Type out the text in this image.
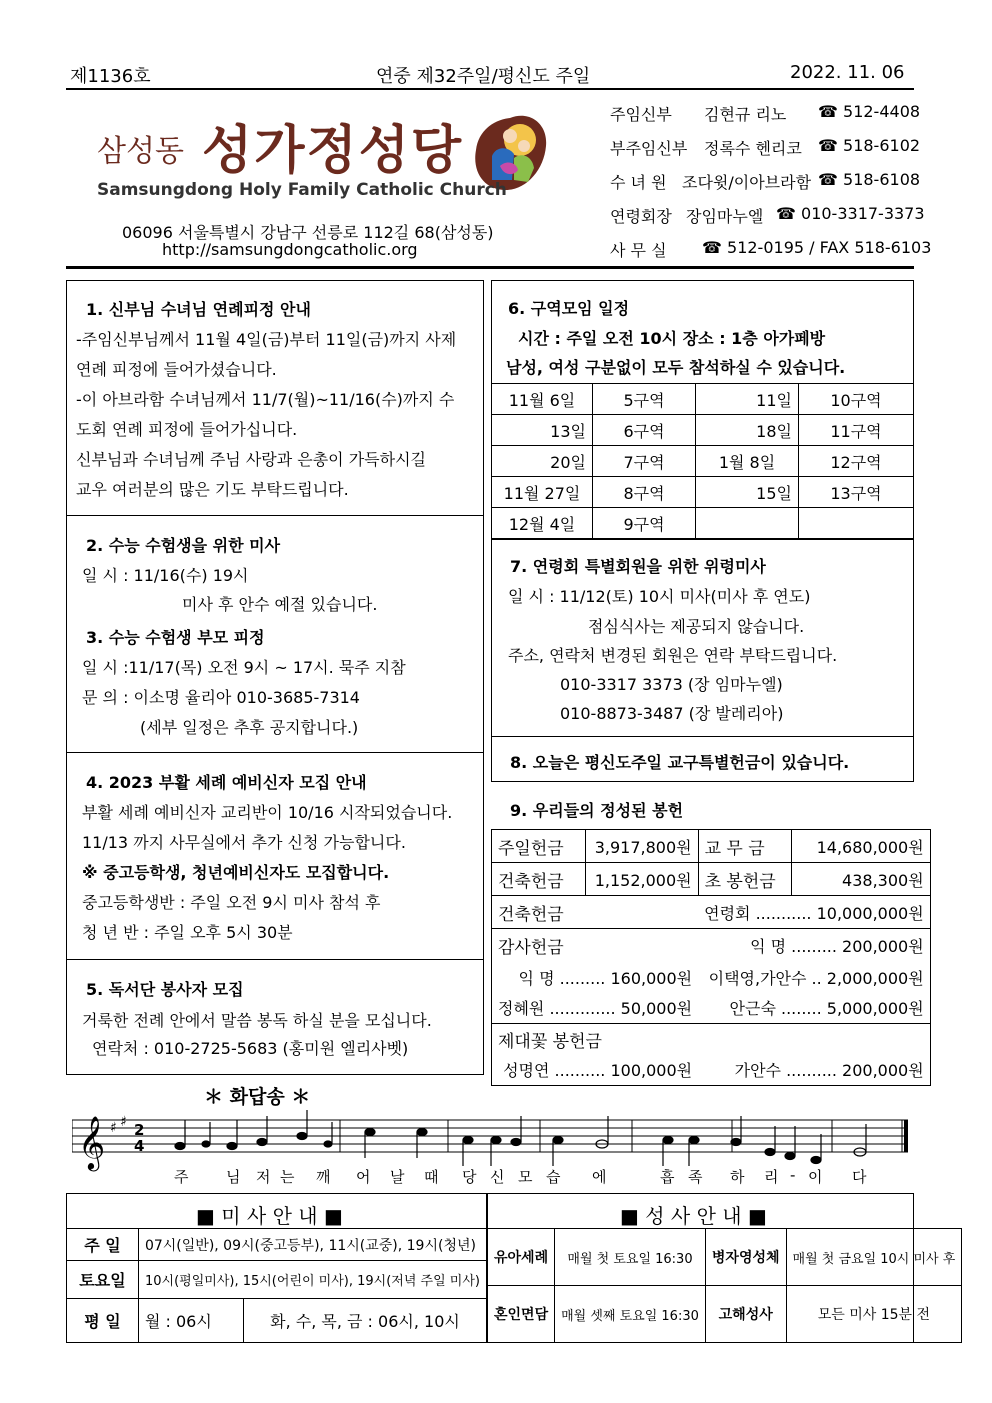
제1136호	연중 제32주일/평신도 주일	2022. 11. 06
삼성동 성가정성당
Samsungdong Holy Family Catholic Church
06096 서울특별시 강남구 선릉로 112길 68(삼성동)
http://samsungdongcatholic.org
주임신부 김현규 리노 ☎ 512-4408
부주임신부 정록수 헨리코 ☎ 518-6102
수 녀 원 조다윗/이아브라함 ☎ 518-6108
연령회장 장임마누엘 ☎ 010-3317-3373
사 무 실 ☎ 512-0195 / FAX 518-6103
1. 신부님 수녀님 연례피정 안내
-주임신부님께서 11월 4일(금)부터 11일(금)까지 사제
연례 피정에 들어가셨습니다.
-이 아브라함 수녀님께서 11/7(월)~11/16(수)까지 수
도회 연례 피정에 들어가십니다.
신부님과 수녀님께 주님 사랑과 은총이 가득하시길
교우 여러분의 많은 기도 부탁드립니다.
2. 수능 수험생을 위한 미사
일 시 : 11/16(수) 19시
미사 후 안수 예절 있습니다.
3. 수능 수험생 부모 피정
일 시 :11/17(목) 오전 9시 ~ 17시. 묵주 지참
문 의 : 이소명 율리아 010-3685-7314
(세부 일정은 추후 공지합니다.)
4. 2023 부활 세례 예비신자 모집 안내
부활 세례 예비신자 교리반이 10/16 시작되었습니다.
11/13 까지 사무실에서 추가 신청 가능합니다.
※ 중고등학생, 청년예비신자도 모집합니다.
중고등학생반 : 주일 오전 9시 미사 참석 후
청 년 반 : 주일 오후 5시 30분
5. 독서단 봉사자 모집
거룩한 전례 안에서 말씀 봉독 하실 분을 모십니다.
연락처 : 010-2725-5683 (홍미원 엘리사벳)
6. 구역모임 일정
시간 : 주일 오전 10시 장소 : 1층 아가페방
남성, 여성 구분없이 모두 참석하실 수 있습니다.
11월 6일	5구역	11일	10구역
13일	6구역	18일	11구역
20일	7구역	1월 8일	12구역
11월 27일	8구역	15일	13구역
12월 4일	9구역		
7. 연령회 특별회원을 위한 위령미사
일 시 : 11/12(토) 10시 미사(미사 후 연도)
점심식사는 제공되지 않습니다.
주소, 연락처 변경된 회원은 연락 부탁드립니다.
010-3317 3373 (장 임마누엘)
010-8873-3487 (장 발레리아)
8. 오늘은 평신도주일 교구특별헌금이 있습니다.
9. 우리들의 정성된 봉헌
주일헌금	3,917,800원	교 무 금	14,680,000원
건축헌금	1,152,000원	초 봉헌금	438,300원
건축헌금		연령회 ........... 10,000,000원	
감사헌금		익 명 ......... 200,000원	
익 명 ......... 160,000원		이택영,가안수 .. 2,000,000원	
정혜원 ............. 50,000원		안근숙 ........ 5,000,000원	
제대꽃 봉헌금			
성명연 .......... 100,000원		가안수 .......... 200,000원	
＊ 화답송 ＊
𝄞 ♯ ♯ 2
4
주	님 저 는 깨 어 날 때 당 신 모 습 에	흡 족 하 리 - 이 다
■ 미 사 안 내 ■	■ 성 사 안 내 ■
주 일	07시(일반), 09시(중고등부), 11시(교중), 19시(청년)	
토요일	10시(평일미사), 15시(어린이 미사), 19시(저녁 주일 미사)	
평 일	월 : 06시	화, 수, 목, 금 : 06시, 10시
유아세례	매월 첫 토요일 16:30	병자영성체	매월 첫 금요일 10시 미사 후
혼인면담	매월 셋째 토요일 16:30	고해성사	모든 미사 15분 전
